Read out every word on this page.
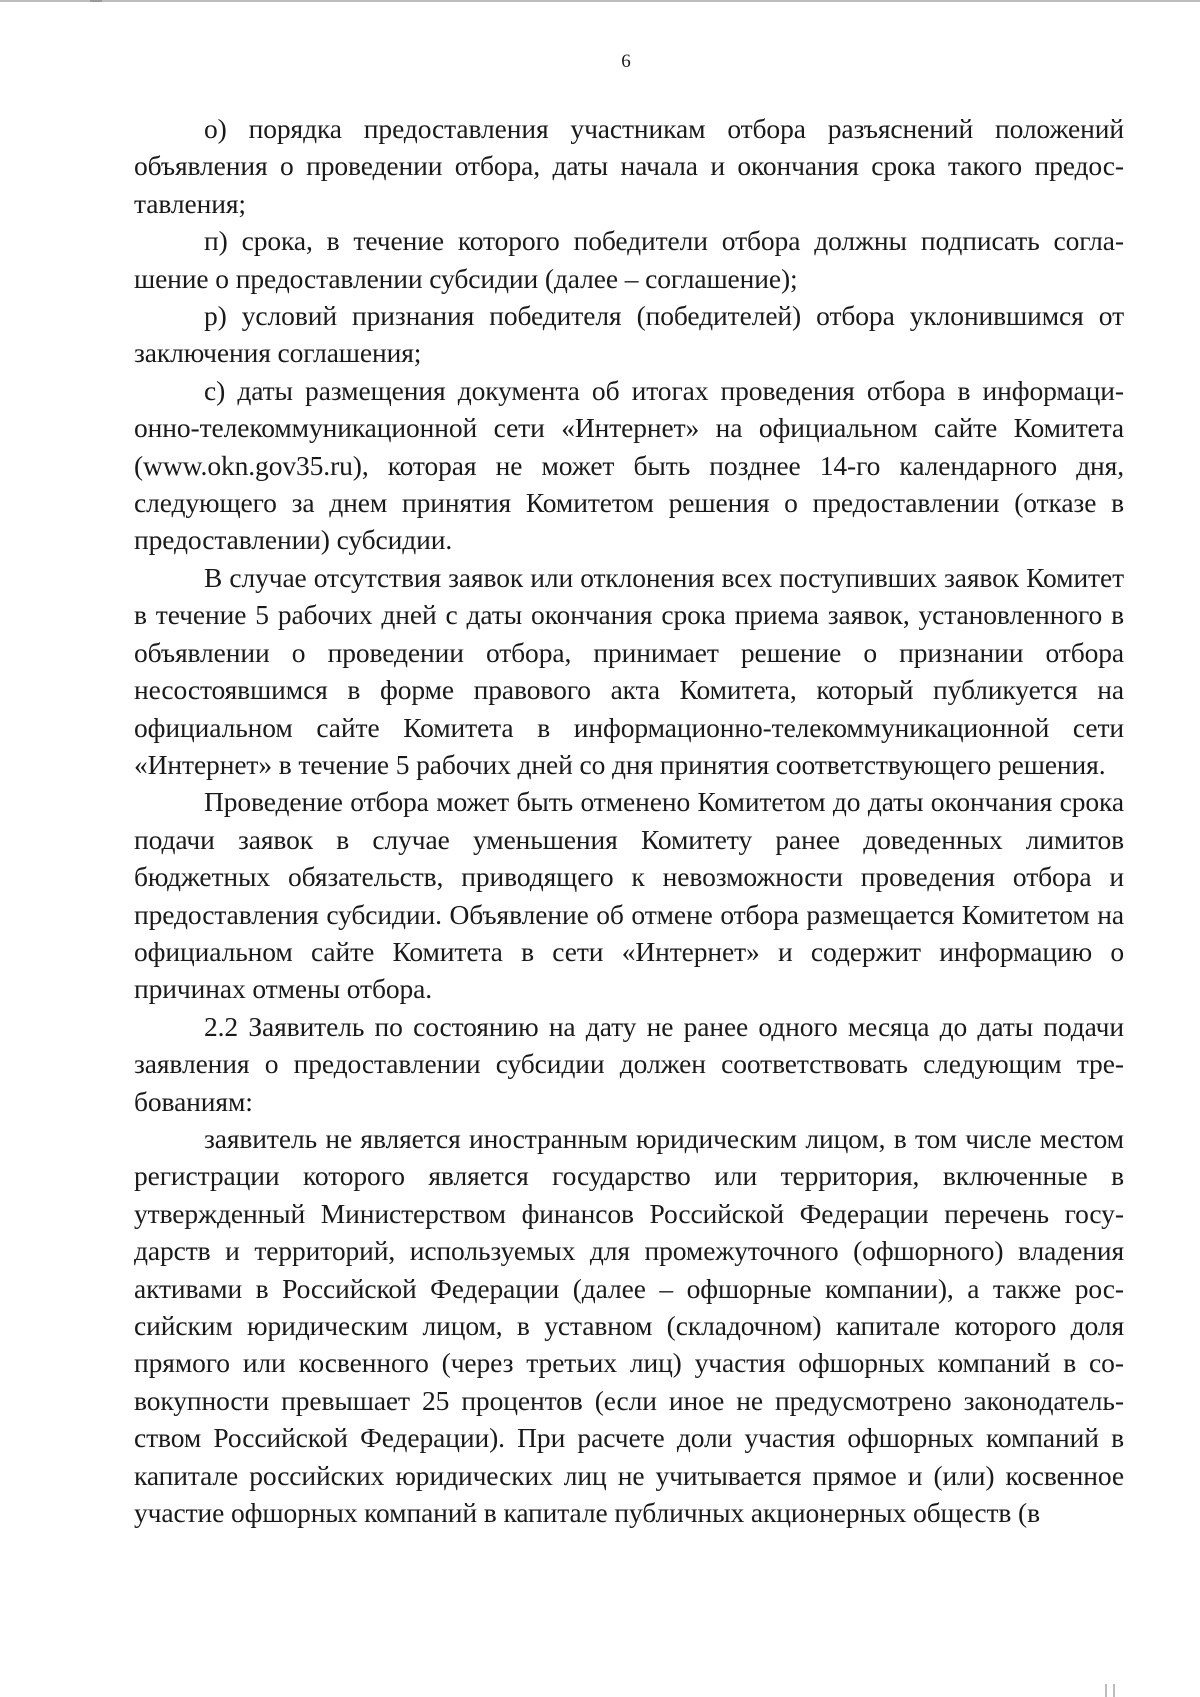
6

о) порядка предоставления участникам отбора разъяснений положений объявления о проведении отбора, даты начала и окончания срока такого предоставления;

п) срока, в течение которого победители отбора должны подписать соглашение о предоставлении субсидии (далее – соглашение);

р) условий признания победителя (победителей) отбора уклонившимся от заключения соглашения;

с) даты размещения документа об итогах проведения отбора в информационно-телекоммуникационной сети «Интернет» на официальном сайте Комитета (www.okn.gov35.ru), которая не может быть позднее 14-го календарного дня, следующего за днем принятия Комитетом решения о предоставлении (отказе в предоставлении) субсидии.

В случае отсутствия заявок или отклонения всех поступивших заявок Комитет в течение 5 рабочих дней с даты окончания срока приема заявок, установленного в объявлении о проведении отбора, принимает решение о признании отбора несостоявшимся в форме правового акта Комитета, который публикуется на официальном сайте Комитета в информационно-телекоммуникационной сети «Интернет» в течение 5 рабочих дней со дня принятия соответствующего решения.

Проведение отбора может быть отменено Комитетом до даты окончания срока подачи заявок в случае уменьшения Комитету ранее доведенных лимитов бюджетных обязательств, приводящего к невозможности проведения отбора и предоставления субсидии. Объявление об отмене отбора размещается Комитетом на официальном сайте Комитета в сети «Интернет» и содержит информацию о причинах отмены отбора.

2.2 Заявитель по состоянию на дату не ранее одного месяца до даты подачи заявления о предоставлении субсидии должен соответствовать следующим требованиям:

заявитель не является иностранным юридическим лицом, в том числе местом регистрации которого является государство или территория, включенные в утвержденный Министерством финансов Российской Федерации перечень государств и территорий, используемых для промежуточного (офшорного) владения активами в Российской Федерации (далее – офшорные компании), а также российским юридическим лицом, в уставном (складочном) капитале которого доля прямого или косвенного (через третьих лиц) участия офшорных компаний в совокупности превышает 25 процентов (если иное не предусмотрено законодательством Российской Федерации). При расчете доли участия офшорных компаний в капитале российских юридических лиц не учитывается прямое и (или) косвенное участие офшорных компаний в капитале публичных акционерных обществ (в
